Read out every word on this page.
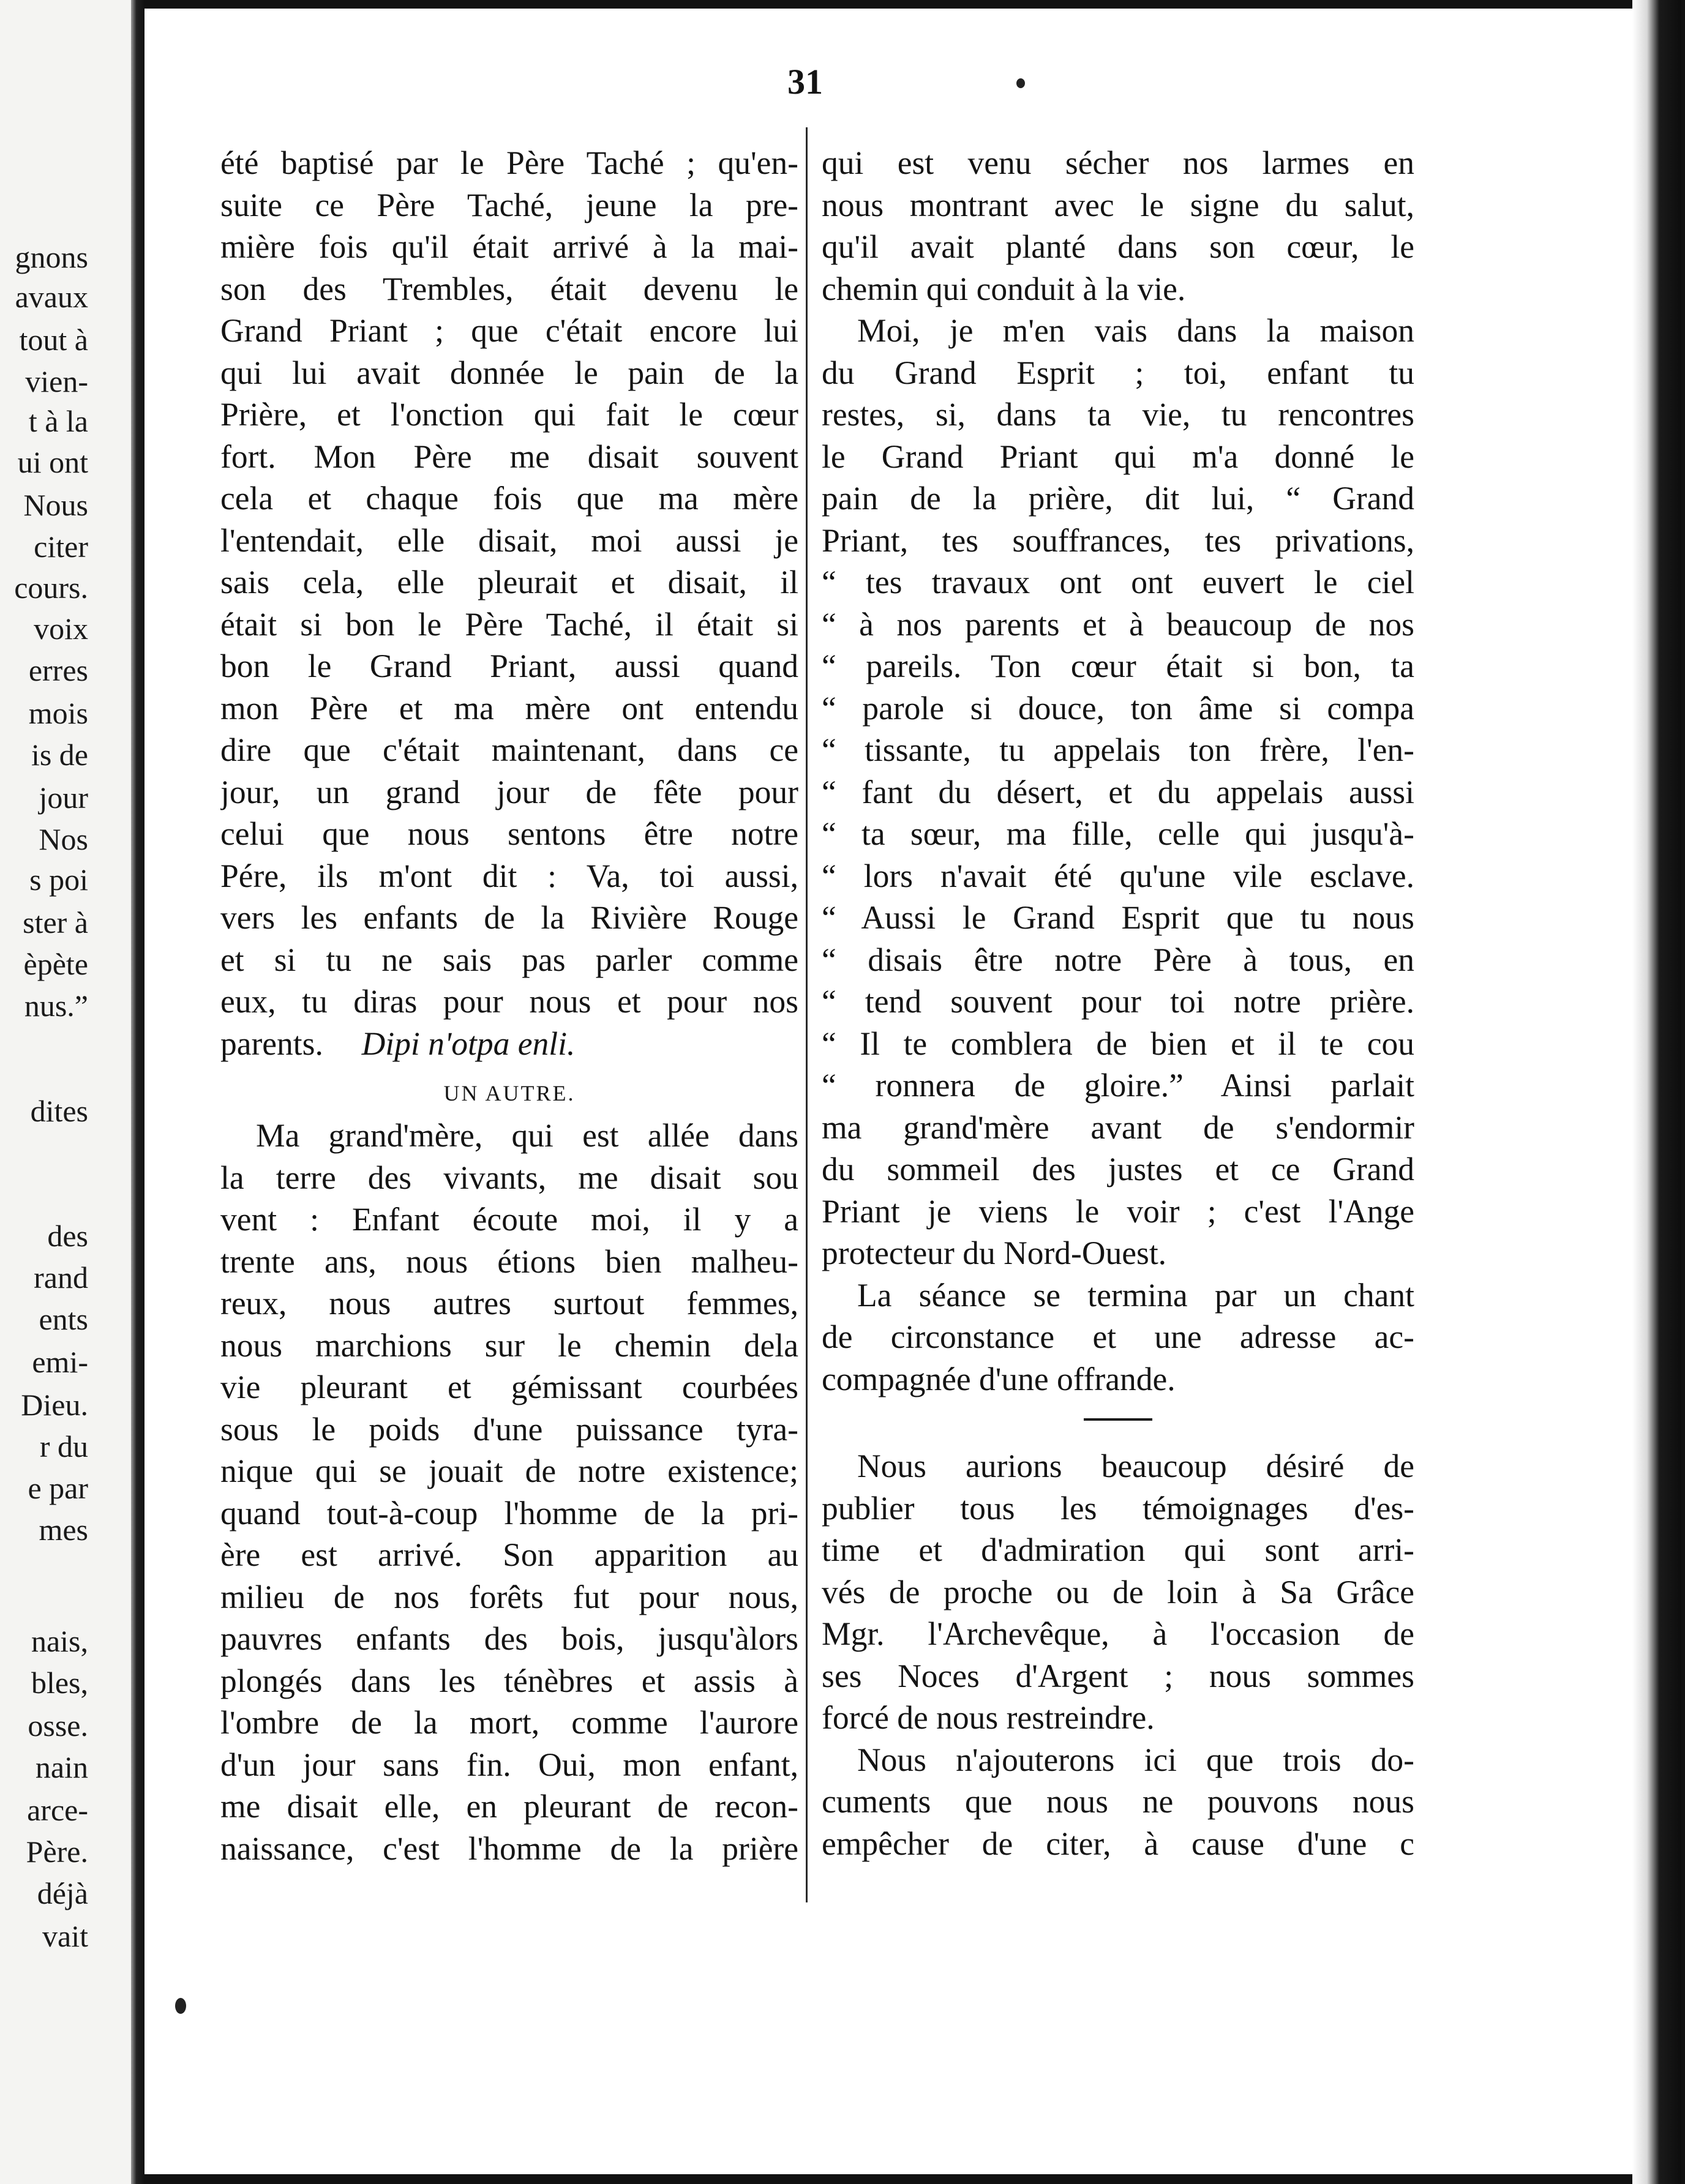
gnons
avaux
tout à
vien-
t à la
ui ont
Nous
citer
cours.
voix
erres
mois
is de
jour
Nos
s poi
ster à
èpète
nus.”
dites
des
rand
ents
emi-
Dieu.
r du
e par
mes
nais,
bles,
osse.
nain
arce-
Père.
déjà
vait
31
été baptisé par le Père Taché ; qu'en-
suite ce Père Taché, jeune la pre-
mière fois qu'il était arrivé à la mai-
son des Trembles, était devenu le
Grand Priant ; que c'était encore lui
qui lui avait donnée le pain de la
Prière, et l'onction qui fait le cœur
fort. Mon Père me disait souvent
cela et chaque fois que ma mère
l'entendait, elle disait, moi aussi je
sais cela, elle pleurait et disait, il
était si bon le Père Taché, il était si
bon le Grand Priant, aussi quand
mon Père et ma mère ont entendu
dire que c'était maintenant, dans ce
jour, un grand jour de fête pour
celui que nous sentons être notre
Pére, ils m'ont dit : Va, toi aussi,
vers les enfants de la Rivière Rouge
et si tu ne sais pas parler comme
eux, tu diras pour nous et pour nos
parents. Dipi n'otpa enli.
UN AUTRE.
Ma grand'mère, qui est allée dans
la terre des vivants, me disait sou
vent : Enfant écoute moi, il y a
trente ans, nous étions bien malheu-
reux, nous autres surtout femmes,
nous marchions sur le chemin dela
vie pleurant et gémissant courbées
sous le poids d'une puissance tyra-
nique qui se jouait de notre existence;
quand tout-à-coup l'homme de la pri-
ère est arrivé. Son apparition au
milieu de nos forêts fut pour nous,
pauvres enfants des bois, jusqu'àlors
plongés dans les ténèbres et assis à
l'ombre de la mort, comme l'aurore
d'un jour sans fin. Oui, mon enfant,
me disait elle, en pleurant de recon-
naissance, c'est l'homme de la prière
qui est venu sécher nos larmes en
nous montrant avec le signe du salut,
qu'il avait planté dans son cœur, le
chemin qui conduit à la vie.
Moi, je m'en vais dans la maison
du Grand Esprit ; toi, enfant tu
restes, si, dans ta vie, tu rencontres
le Grand Priant qui m'a donné le
pain de la prière, dit lui, “ Grand
Priant, tes souffrances, tes privations,
“ tes travaux ont ont euvert le ciel
“ à nos parents et à beaucoup de nos
“ pareils. Ton cœur était si bon, ta
“ parole si douce, ton âme si compa
“ tissante, tu appelais ton frère, l'en-
“ fant du désert, et du appelais aussi
“ ta sœur, ma fille, celle qui jusqu'à-
“ lors n'avait été qu'une vile esclave.
“ Aussi le Grand Esprit que tu nous
“ disais être notre Père à tous, en
“ tend souvent pour toi notre prière.
“ Il te comblera de bien et il te cou
“ ronnera de gloire.” Ainsi parlait
ma grand'mère avant de s'endormir
du sommeil des justes et ce Grand
Priant je viens le voir ; c'est l'Ange
protecteur du Nord-Ouest.
La séance se termina par un chant
de circonstance et une adresse ac-
compagnée d'une offrande.
Nous aurions beaucoup désiré de
publier tous les témoignages d'es-
time et d'admiration qui sont arri-
vés de proche ou de loin à Sa Grâce
Mgr. l'Archevêque, à l'occasion de
ses Noces d'Argent ; nous sommes
forcé de nous restreindre.
Nous n'ajouterons ici que trois do-
cuments que nous ne pouvons nous
empêcher de citer, à cause d'une c
